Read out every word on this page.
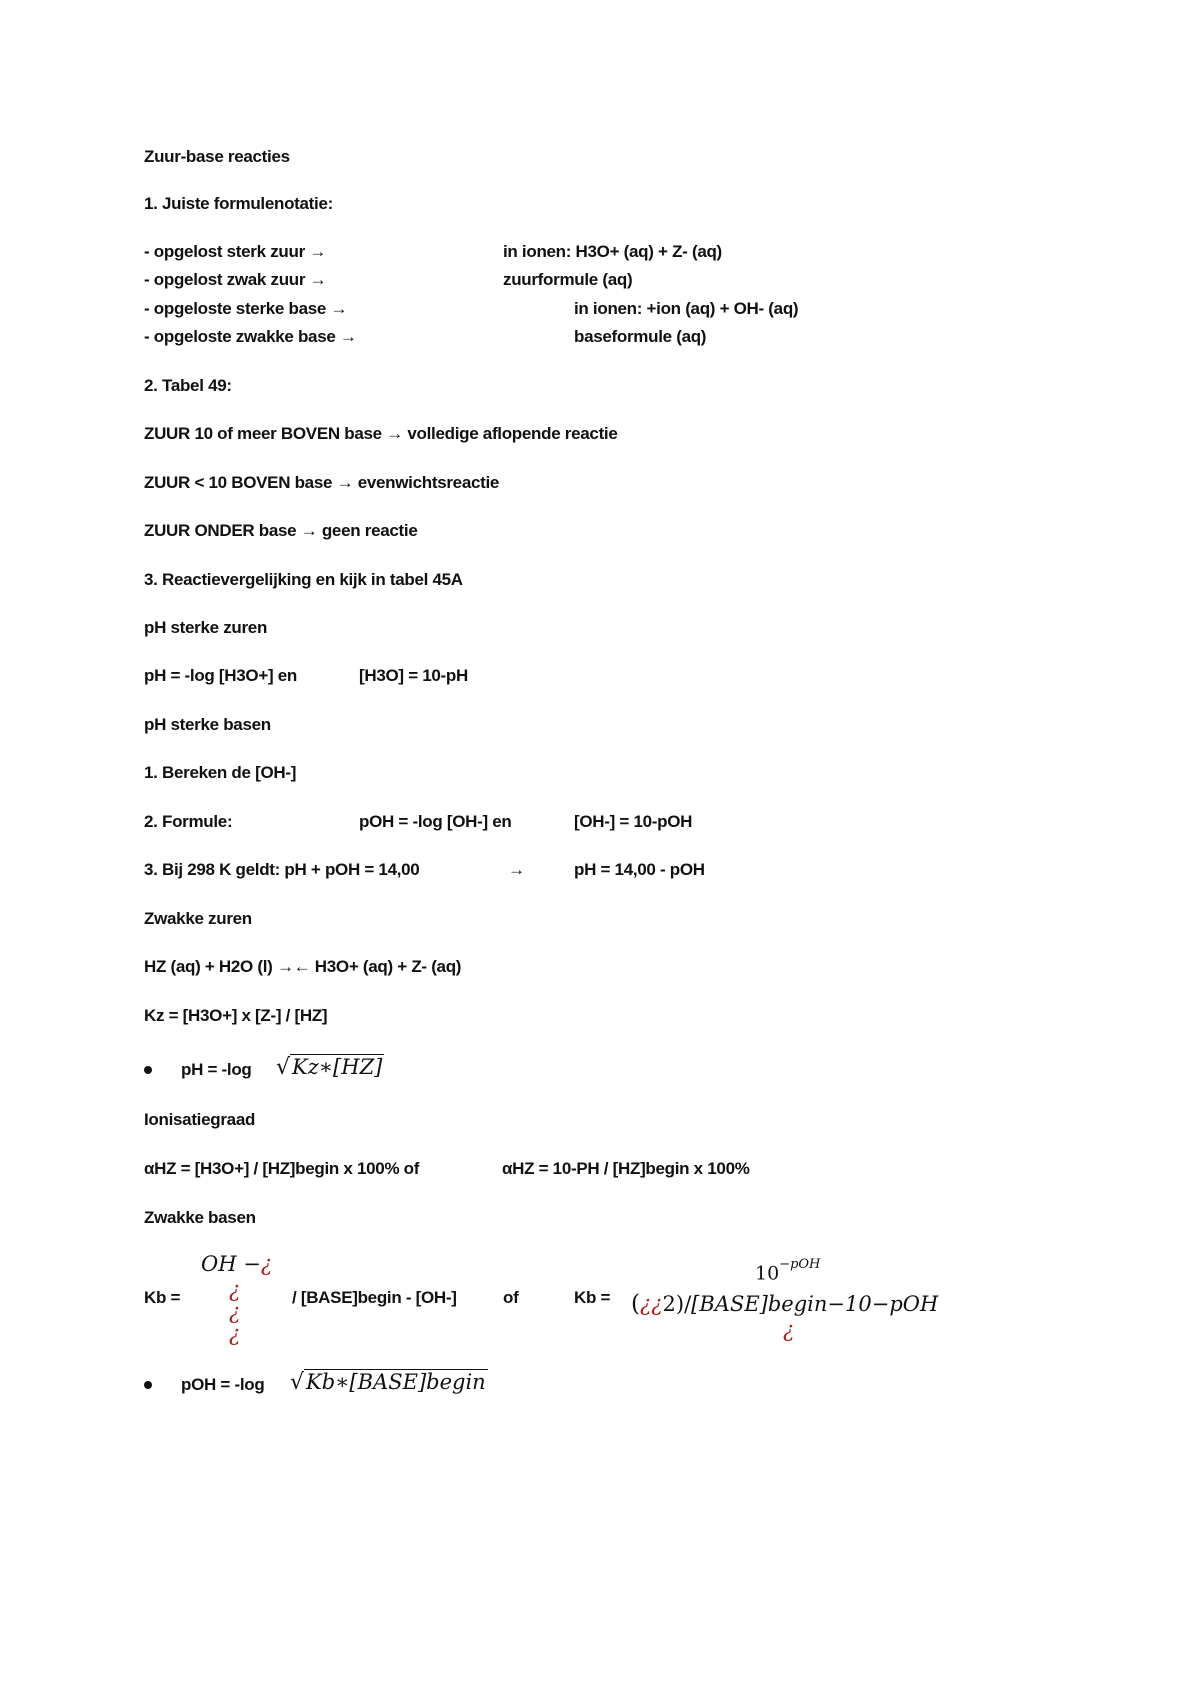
Zuur-base reacties
1. Juiste formulenotatie:
- opgelost sterk zuur →	in ionen: H3O+ (aq) + Z- (aq)
- opgelost zwak zuur →	zuurformule (aq)
- opgeloste sterke base →	in ionen: +ion (aq) + OH- (aq)
- opgeloste zwakke base →	baseformule (aq)
2. Tabel 49:
ZUUR 10 of meer BOVEN base → volledige aflopende reactie
ZUUR < 10 BOVEN base → evenwichtsreactie
ZUUR ONDER base → geen reactie
3. Reactievergelijking en kijk in tabel 45A
pH sterke zuren
pH = -log [H3O+] en	[H3O] = 10-pH
pH sterke basen
1. Bereken de [OH-]
2. Formule:	pOH = -log [OH-] en	[OH-] = 10-pOH
3. Bij 298 K geldt: pH + pOH = 14,00	→	pH = 14,00 - pOH
Zwakke zuren
HZ (aq) + H2O (l) →← H3O+ (aq) + Z- (aq)
Kz = [H3O+] x [Z-] / [HZ]
pH = -log √Kz∗[HZ]
Ionisatiegraad
αHZ = [H3O+] / [HZ]begin x 100% of	αHZ = 10-PH / [HZ]begin x 100%
Zwakke basen
Kb =
OH −¿
¿
¿
¿
/ [BASE]begin - [OH-]	of	Kb =
$10^{-pOH}$
(¿¿2)/[BASE]begin−10−pOH
¿
pOH = -log √Kb∗[BASE]begin
